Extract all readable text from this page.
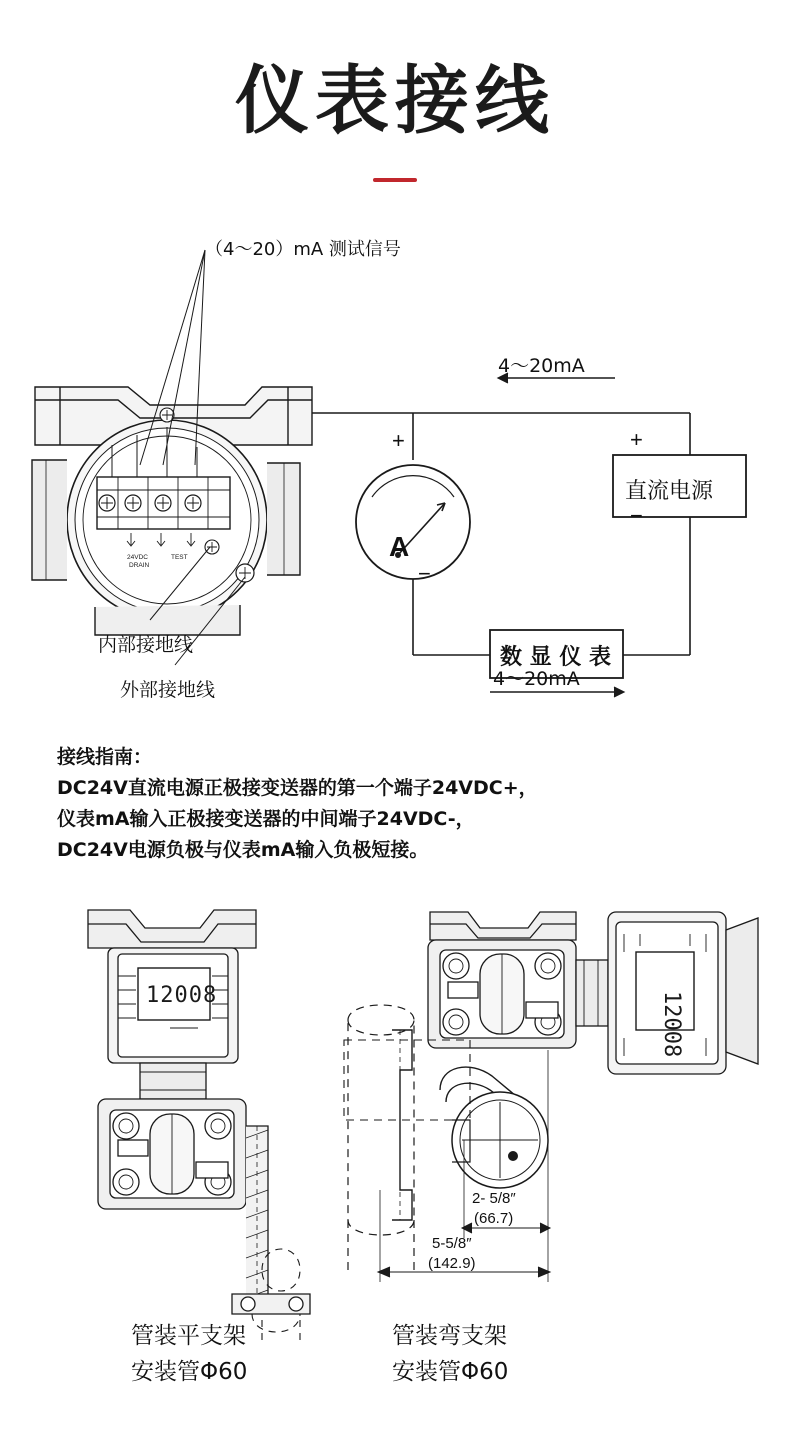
仪表接线
24VDC
DRAIN
TEST
（4～20）mA 测试信号
内部接地线
外部接地线
4～20mA
4～20mA
+
−
A
+
−
直流电源
数 显 仪 表
接线指南：
DC24V直流电源正极接变送器的第一个端子24VDC+，
仪表mA输入正极接变送器的中间端子24VDC-，
DC24V电源负极与仪表mA输入负极短接。
12008	12008
2- 5/8″
(66.7)
5-5/8″
(142.9)
管装平支架
安装管Φ60
管装弯支架
安装管Φ60
